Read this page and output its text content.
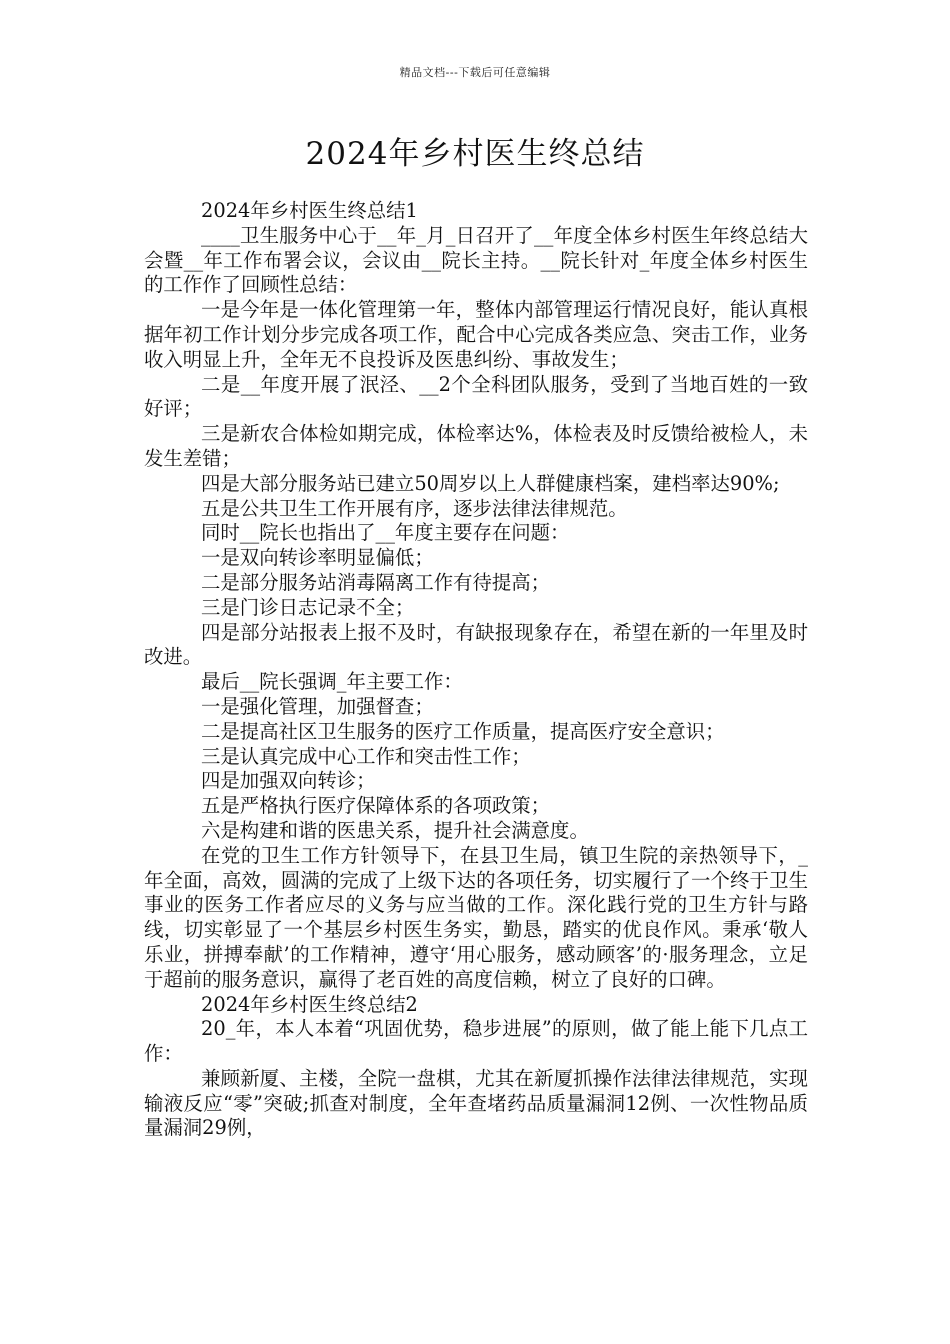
精品文档---下载后可任意编辑
2024年乡村医生终总结

2024年乡村医生终总结1

____卫生服务中心于__年_月_日召开了__年度全体乡村医生年终总结大会暨__年工作布署会议，会议由__院长主持。__院长针对_年度全体乡村医生的工作作了回顾性总结：

一是今年是一体化管理第一年，整体内部管理运行情况良好，能认真根据年初工作计划分步完成各项工作，配合中心完成各类应急、突击工作，业务收入明显上升，全年无不良投诉及医患纠纷、事故发生；

二是__年度开展了泯泾、__2个全科团队服务，受到了当地百姓的一致好评；

三是新农合体检如期完成，体检率达%，体检表及时反馈给被检人，未发生差错；

四是大部分服务站已建立50周岁以上人群健康档案，建档率达90%;

五是公共卫生工作开展有序，逐步法律法律规范。

同时__院长也指出了__年度主要存在问题：

一是双向转诊率明显偏低；

二是部分服务站消毒隔离工作有待提高；

三是门诊日志记录不全；

四是部分站报表上报不及时，有缺报现象存在，希望在新的一年里及时改进。

最后__院长强调_年主要工作：

一是强化管理，加强督查；

二是提高社区卫生服务的医疗工作质量，提高医疗安全意识；

三是认真完成中心工作和突击性工作；

四是加强双向转诊；

五是严格执行医疗保障体系的各项政策；

六是构建和谐的医患关系，提升社会满意度。

在党的卫生工作方针领导下，在县卫生局，镇卫生院的亲热领导下，_年全面，高效，圆满的完成了上级下达的各项任务，切实履行了一个终于卫生事业的医务工作者应尽的义务与应当做的工作。深化践行党的卫生方针与路线，切实彰显了一个基层乡村医生务实，勤恳，踏实的优良作风。秉承‘敬人乐业，拼搏奉献’的工作精神，遵守‘用心服务，感动顾客’的·服务理念，立足于超前的服务意识，赢得了老百姓的高度信赖，树立了良好的口碑。

2024年乡村医生终总结2

20_年，本人本着“巩固优势，稳步进展”的原则，做了能上能下几点工作：

兼顾新厦、主楼，全院一盘棋，尤其在新厦抓操作法律法律规范，实现输液反应“零”突破;抓查对制度，全年查堵药品质量漏洞12例、一次性物品质量漏洞29例，
